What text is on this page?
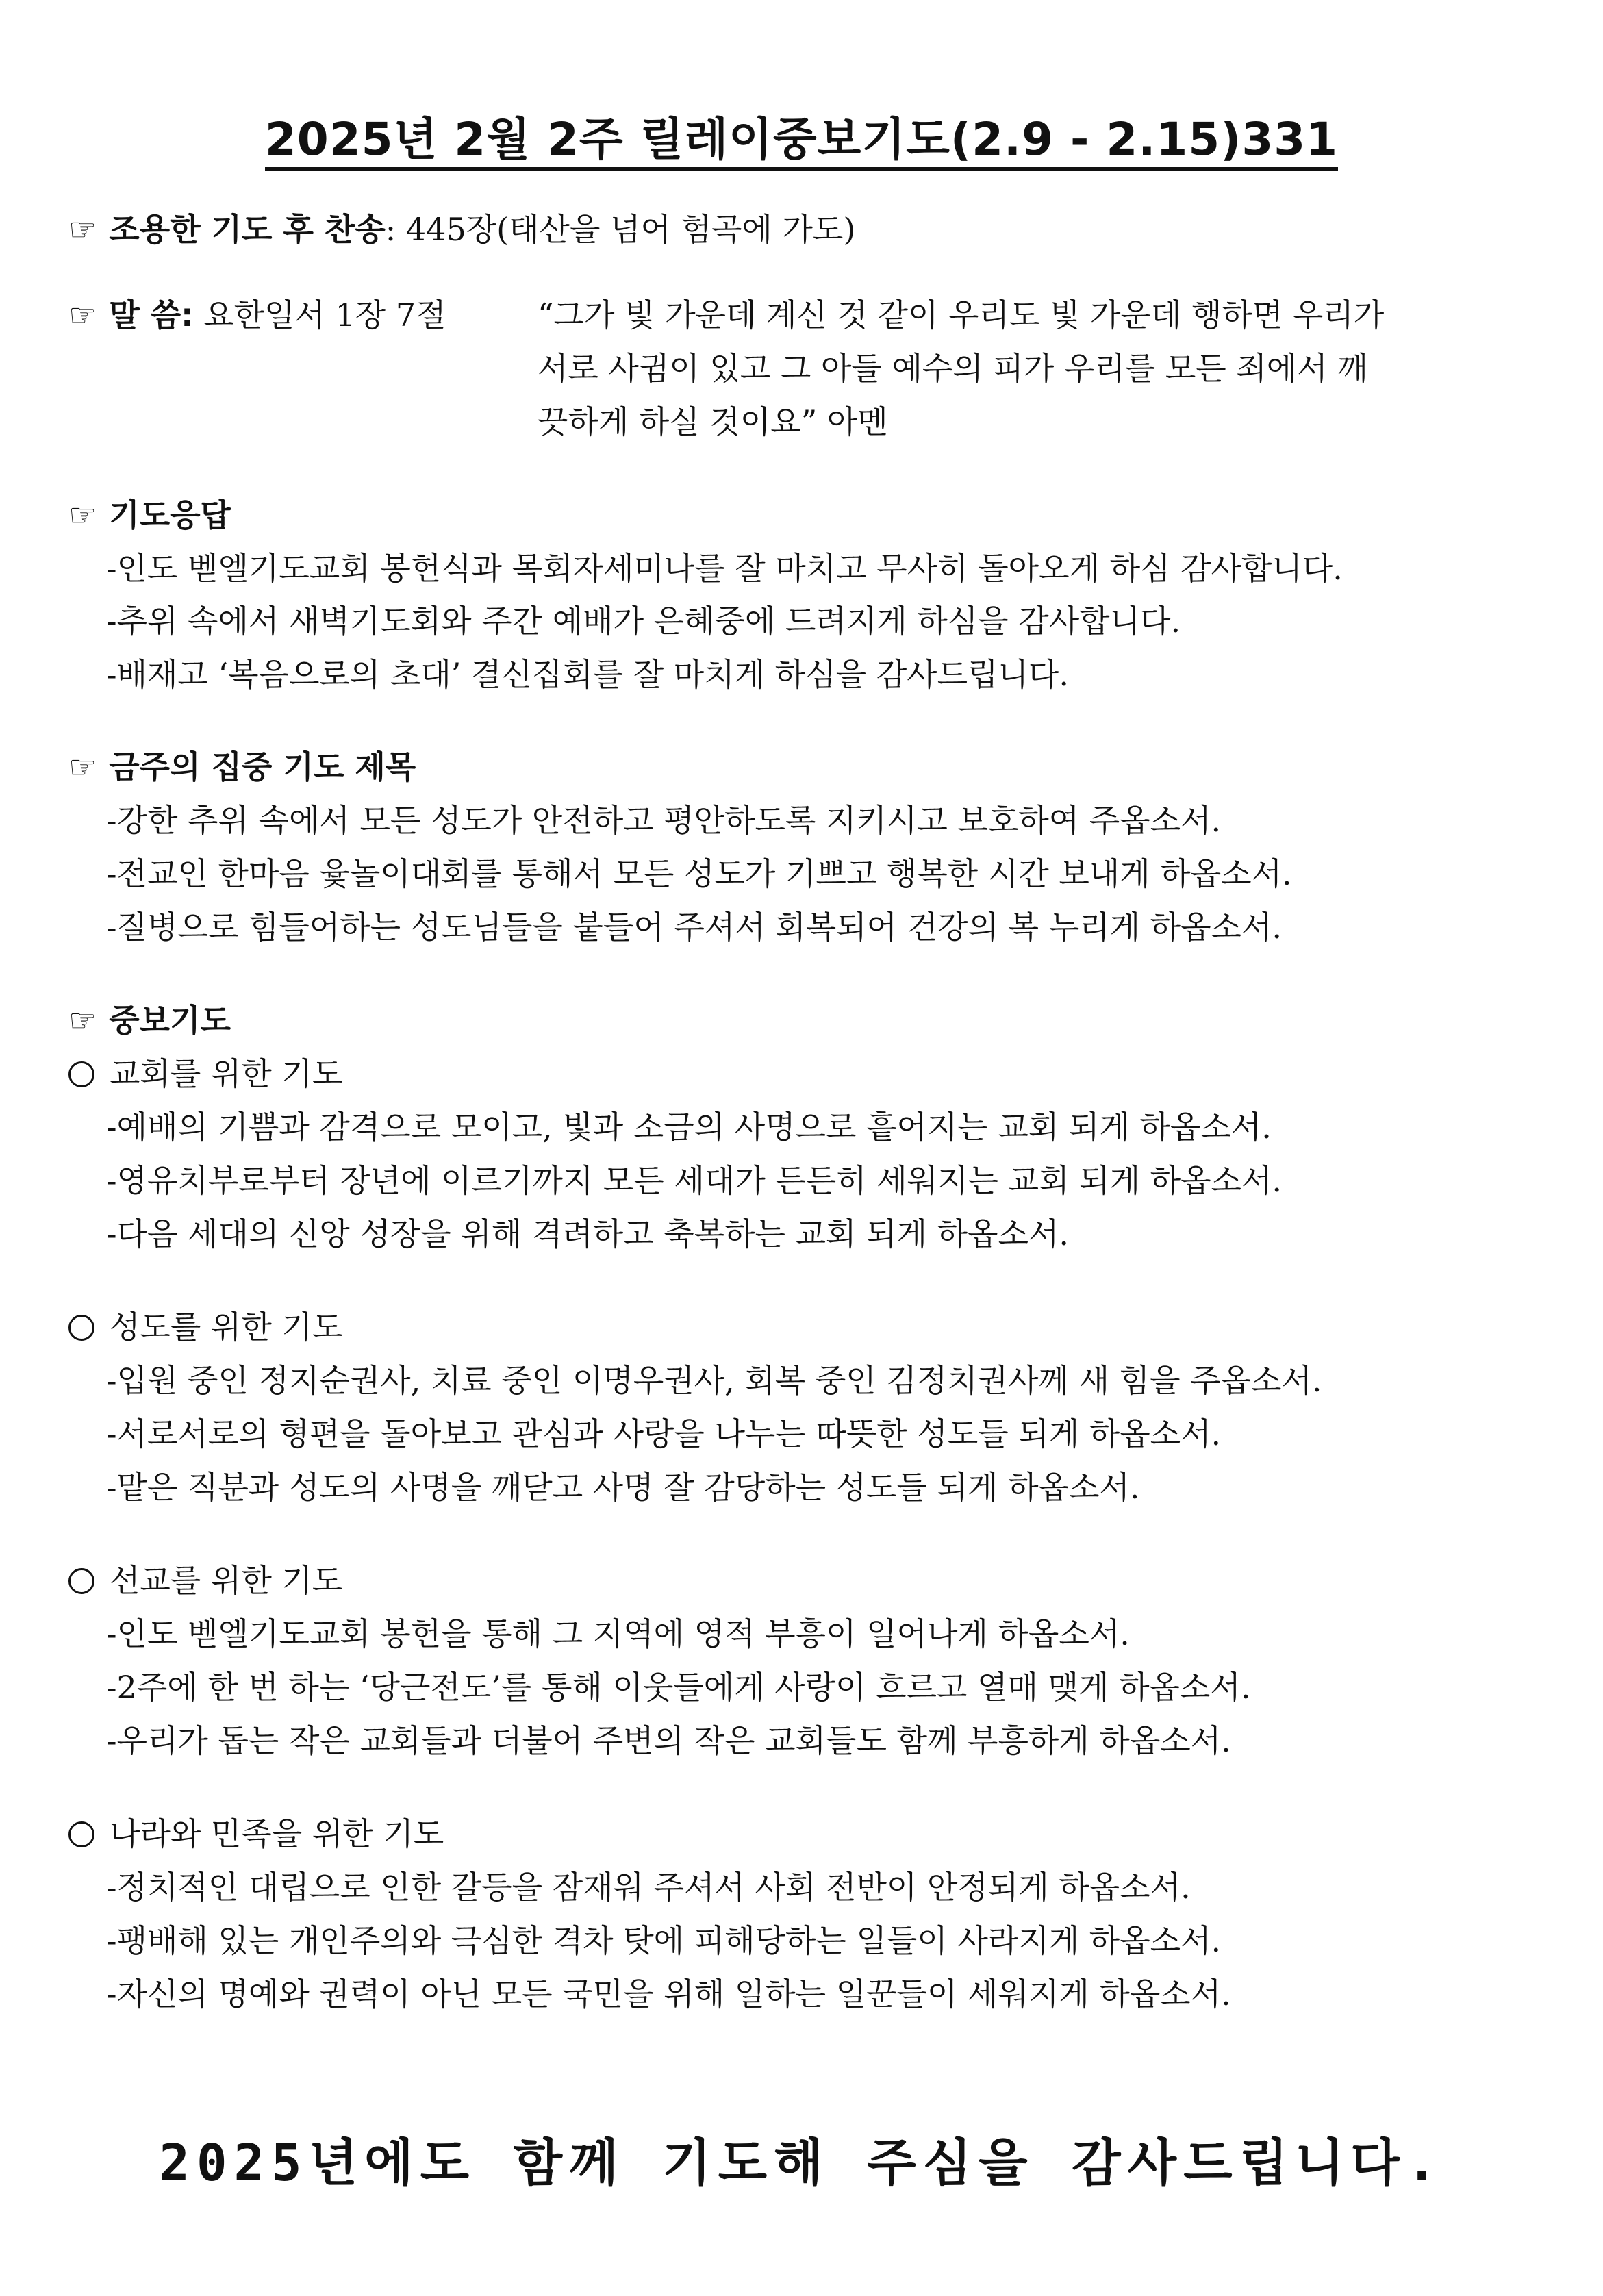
2025년 2월 2주 릴레이중보기도(2.9 - 2.15)331
☞ 조용한 기도 후 찬송: 445장(태산을 넘어 험곡에 가도)
☞ 말 씀: 요한일서 1장 7절	“그가 빛 가운데 계신 것 같이 우리도 빛 가운데 행하면 우리가
서로 사귐이 있고 그 아들 예수의 피가 우리를 모든 죄에서 깨
끗하게 하실 것이요” 아멘
☞ 기도응답
-인도 벧엘기도교회 봉헌식과 목회자세미나를 잘 마치고 무사히 돌아오게 하심 감사합니다.
-추위 속에서 새벽기도회와 주간 예배가 은혜중에 드려지게 하심을 감사합니다.
-배재고 ‘복음으로의 초대’ 결신집회를 잘 마치게 하심을 감사드립니다.
☞ 금주의 집중 기도 제목
-강한 추위 속에서 모든 성도가 안전하고 평안하도록 지키시고 보호하여 주옵소서.
-전교인 한마음 윷놀이대회를 통해서 모든 성도가 기쁘고 행복한 시간 보내게 하옵소서.
-질병으로 힘들어하는 성도님들을 붙들어 주셔서 회복되어 건강의 복 누리게 하옵소서.
☞ 중보기도
교회를 위한 기도
-예배의 기쁨과 감격으로 모이고, 빛과 소금의 사명으로 흩어지는 교회 되게 하옵소서.
-영유치부로부터 장년에 이르기까지 모든 세대가 든든히 세워지는 교회 되게 하옵소서.
-다음 세대의 신앙 성장을 위해 격려하고 축복하는 교회 되게 하옵소서.
성도를 위한 기도
-입원 중인 정지순권사, 치료 중인 이명우권사, 회복 중인 김정치권사께 새 힘을 주옵소서.
-서로서로의 형편을 돌아보고 관심과 사랑을 나누는 따뜻한 성도들 되게 하옵소서.
-맡은 직분과 성도의 사명을 깨닫고 사명 잘 감당하는 성도들 되게 하옵소서.
선교를 위한 기도
-인도 벧엘기도교회 봉헌을 통해 그 지역에 영적 부흥이 일어나게 하옵소서.
-2주에 한 번 하는 ‘당근전도’를 통해 이웃들에게 사랑이 흐르고 열매 맺게 하옵소서.
-우리가 돕는 작은 교회들과 더불어 주변의 작은 교회들도 함께 부흥하게 하옵소서.
나라와 민족을 위한 기도
-정치적인 대립으로 인한 갈등을 잠재워 주셔서 사회 전반이 안정되게 하옵소서.
-팽배해 있는 개인주의와 극심한 격차 탓에 피해당하는 일들이 사라지게 하옵소서.
-자신의 명예와 권력이 아닌 모든 국민을 위해 일하는 일꾼들이 세워지게 하옵소서.
2025년에도 함께 기도해 주심을 감사드립니다.
